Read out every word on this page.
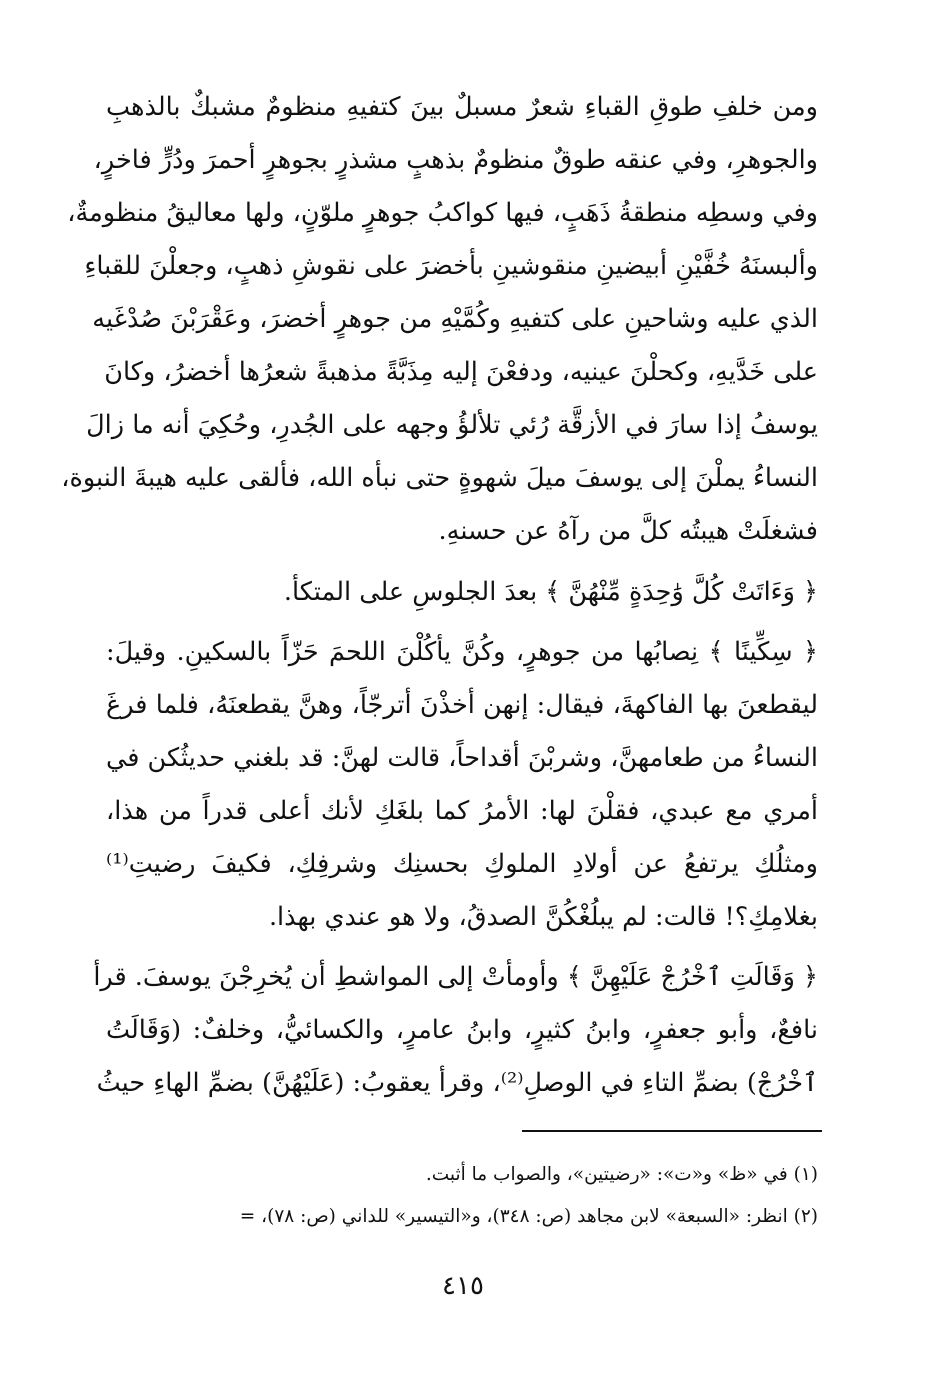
ومن خلفِ طوقِ القباءِ شعرٌ مسبلٌ بينَ كتفيهِ منظومٌ مشبكٌ بالذهبِ
والجوهرِ، وفي عنقه طوقٌ منظومٌ بذهبٍ مشذرٍ بجوهرٍ أحمرَ ودُرٍّ فاخرٍ،
وفي وسطِه منطقةُ ذَهَبٍ، فيها كواكبُ جوهرٍ ملوّنٍ، ولها معاليقُ منظومةٌ،
وألبسنَهُ خُفَّيْنِ أبيضينِ منقوشينِ بأخضرَ على نقوشِ ذهبٍ، وجعلْنَ للقباءِ
الذي عليه وشاحينِ على كتفيهِ وكُمَّيْهِ من جوهرٍ أخضرَ، وعَقْرَبْنَ صُدْغَيه
على خَدَّيهِ، وكحلْنَ عينيه، ودفعْنَ إليه مِذَبَّةً مذهبةً شعرُها أخضرُ، وكانَ
يوسفُ إذا سارَ في الأزقَّة رُئي تلألؤُ وجهه على الجُدرِ، وحُكِيَ أنه ما زالَ
النساءُ يملْنَ إلى يوسفَ ميلَ شهوةٍ حتى نبأه الله، فألقى عليه هيبةَ النبوة،
فشغلَتْ هيبتُه كلَّ من رآهُ عن حسنهِ.
﴿ وَءَاتَتْ كُلَّ وَٰحِدَةٍ مِّنْهُنَّ ﴾ بعدَ الجلوسِ على المتكأ.
﴿ سِكِّينًا ﴾ نِصابُها من جوهرٍ، وكُنَّ يأكُلْنَ اللحمَ حَزّاً بالسكينِ. وقيلَ:
ليقطعنَ بها الفاكهةَ، فيقال: إنهن أخذْنَ أترجّاً، وهنَّ يقطعنَهُ، فلما فرغَ
النساءُ من طعامهنَّ، وشربْنَ أقداحاً، قالت لهنَّ: قد بلغني حديثُكن في
أمري مع عبدي، فقلْنَ لها: الأمرُ كما بلغَكِ لأنك أعلى قدراً من هذا،
ومثلُكِ يرتفعُ عن أولادِ الملوكِ بحسنِك وشرفِكِ، فكيفَ رضيتِ⁽¹⁾
بغلامِكِ؟! قالت: لم يبلُغْكُنَّ الصدقُ، ولا هو عندي بهذا.
﴿ وَقَالَتِ ٱخْرُجْ عَلَيْهِنَّ ﴾ وأومأتْ إلى المواشطِ أن يُخرِجْنَ يوسفَ. قرأ
نافعٌ، وأبو جعفرٍ، وابنُ كثيرٍ، وابنُ عامرٍ، والكسائيُّ، وخلفٌ: (وَقَالَتُ
ٱخْرُجْ) بضمِّ التاءِ في الوصلِ⁽²⁾، وقرأ يعقوبُ: (عَلَيْهُنَّ) بضمِّ الهاءِ حيثُ
(١) في «ظ» و«ت»: «رضيتين»، والصواب ما أثبت.
(٢) انظر: «السبعة» لابن مجاهد (ص: ٣٤٨)، و«التيسير» للداني (ص: ٧٨)، =
٤١٥
